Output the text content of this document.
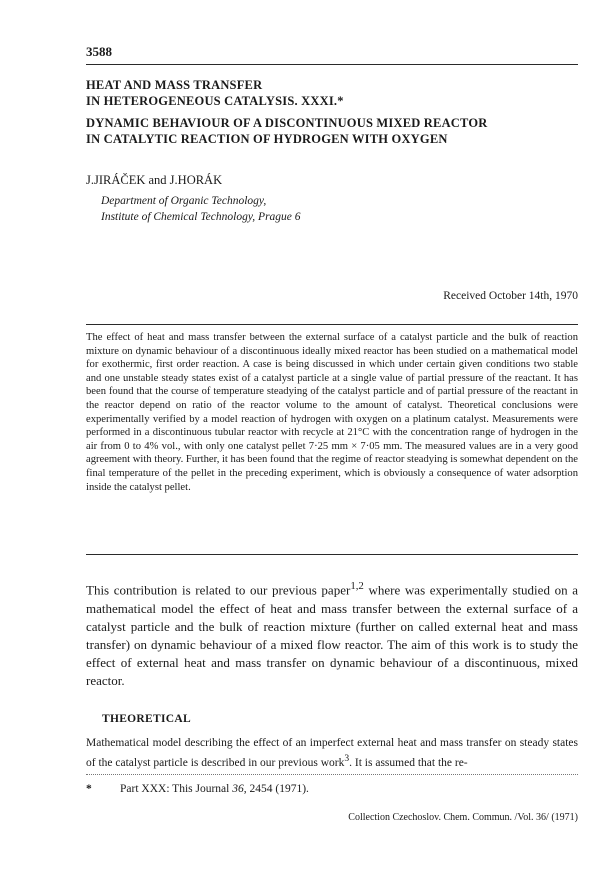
3588

HEAT AND MASS TRANSFER

IN HETEROGENEOUS CATALYSIS. XXXI.*

DYNAMIC BEHAVIOUR OF A DISCONTINUOUS MIXED REACTOR

IN CATALYTIC REACTION OF HYDROGEN WITH OXYGEN

J.JIRÁČEK and J.HORÁK

Department of Organic Technology,

Institute of Chemical Technology, Prague 6

Received October 14th, 1970

The effect of heat and mass transfer between the external surface of a catalyst particle and the bulk of reaction mixture on dynamic behaviour of a discontinuous ideally mixed reactor has been studied on a mathematical model for exothermic, first order reaction. A case is being discussed in which under certain given conditions two stable and one unstable steady states exist of a catalyst particle at a single value of partial pressure of the reactant. It has been found that the course of temperature steadying of the catalyst particle and of partial pressure of the reactant in the reactor depend on ratio of the reactor volume to the amount of catalyst. Theoretical conclusions were experimentally verified by a model reaction of hydrogen with oxygen on a platinum catalyst. Measurements were performed in a discontinuous tubular reactor with recycle at 21°C with the concentration range of hydrogen in the air from 0 to 4% vol., with only one catalyst pellet 7·25 mm × 7·05 mm. The measured values are in a very good agreement with theory. Further, it has been found that the regime of reactor steadying is somewhat dependent on the final temperature of the pellet in the preceding experiment, which is obviously a consequence of water adsorption inside the catalyst pellet.

This contribution is related to our previous paper$^{1,2}$ where was experimentally studied on a mathematical model the effect of heat and mass transfer between the external surface of a catalyst particle and the bulk of reaction mixture (further on called external heat and mass transfer) on dynamic behaviour of a mixed flow reactor. The aim of this work is to study the effect of external heat and mass transfer on dynamic behaviour of a discontinuous, mixed reactor.

THEORETICAL

Mathematical model describing the effect of an imperfect external heat and mass transfer on steady states of the catalyst particle is described in our previous work$^3$. It is assumed that the re-

* Part XXX: This Journal 36, 2454 (1971).
Collection Czechoslov. Chem. Commun. /Vol. 36/ (1971)
